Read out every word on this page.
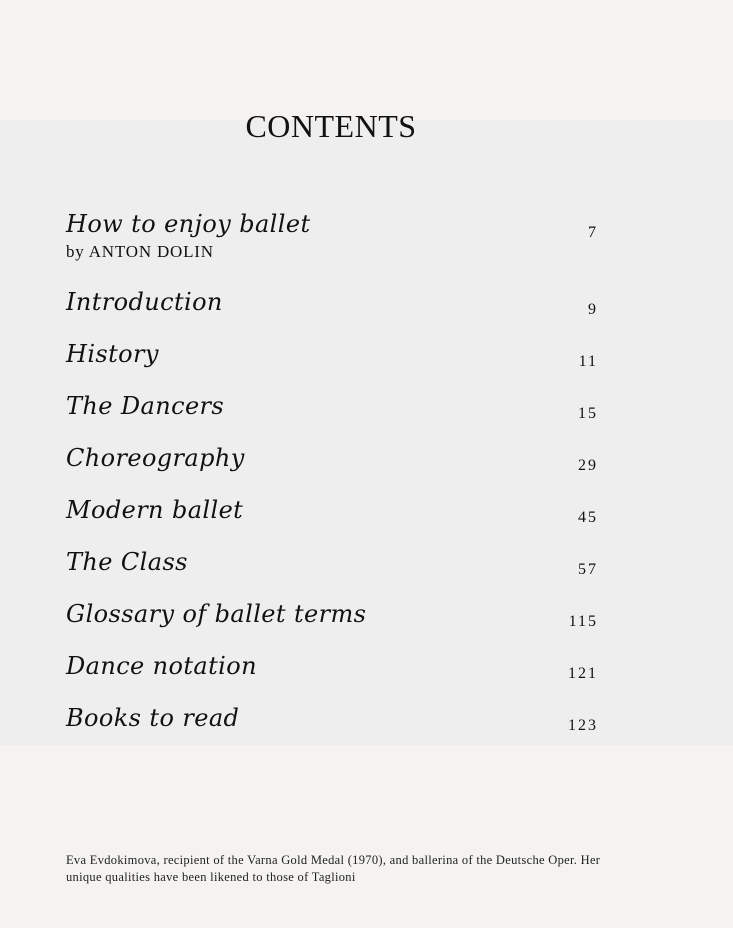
CONTENTS
How to enjoy ballet	7
by ANTON DOLIN
Introduction	9
History	11
The Dancers	15
Choreography	29
Modern ballet	45
The Class	57
Glossary of ballet terms	115
Dance notation	121
Books to read	123
Eva Evdokimova, recipient of the Varna Gold Medal (1970), and ballerina of the Deutsche Oper. Her unique qualities have been likened to those of Taglioni
